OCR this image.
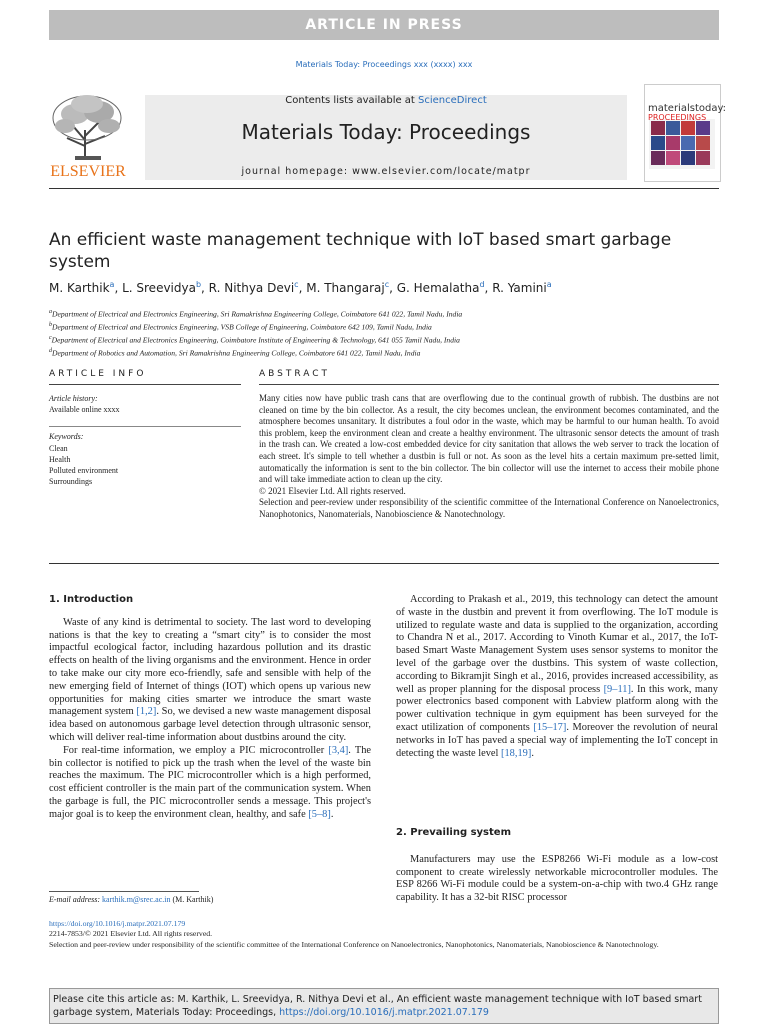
ARTICLE IN PRESS
Materials Today: Proceedings xxx (xxxx) xxx
ELSEVIER
Contents lists available at ScienceDirect
Materials Today: Proceedings
journal homepage: www.elsevier.com/locate/matpr
materialstoday:
PROCEEDINGS
An efficient waste management technique with IoT based smart garbage system
M. Karthik$^a$, L. Sreevidya$^b$, R. Nithya Devi$^c$, M. Thangaraj$^c$, G. Hemalatha$^d$, R. Yamini$^a$
$^a$Department of Electrical and Electronics Engineering, Sri Ramakrishna Engineering College, Coimbatore 641 022, Tamil Nadu, India
$^b$Department of Electrical and Electronics Engineering, VSB College of Engineering, Coimbatore 642 109, Tamil Nadu, India
$^c$Department of Electrical and Electronics Engineering, Coimbatore Institute of Engineering & Technology, 641 055 Tamil Nadu, India
$^d$Department of Robotics and Automation, Sri Ramakrishna Engineering College, Coimbatore 641 022, Tamil Nadu, India
ARTICLE INFO	ABSTRACT
Article history:
Available online xxxx
Keywords:
Clean
Health
Polluted environment
Surroundings

Many cities now have public trash cans that are overflowing due to the continual growth of rubbish. The dustbins are not cleaned on time by the bin collector. As a result, the city becomes unclean, the environment becomes contaminated, and the atmosphere becomes unsanitary. It distributes a foul odor in the waste, which may be harmful to our human health. To avoid this problem, keep the environment clean and create a healthy environment. The ultrasonic sensor detects the amount of trash in the trash can. We created a low-cost embedded device for city sanitation that allows the web server to track the location of each street. It's simple to tell whether a dustbin is full or not. As soon as the level hits a certain maximum pre-setted limit, automatically the information is sent to the bin collector. The bin collector will use the internet to access their mobile phone and will take immediate action to clean up the city.

© 2021 Elsevier Ltd. All rights reserved.

Selection and peer-review under responsibility of the scientific committee of the International Conference on Nanoelectronics, Nanophotonics, Nanomaterials, Nanobioscience & Nanotechnology.

1. Introduction

Waste of any kind is detrimental to society. The last word to developing nations is that the key to creating a “smart city” is to consider the most impactful ecological factor, including hazardous pollution and its drastic effects on health of the living organisms and the environment. Hence in order to take make our city more eco-friendly, safe and sensible with help of the new emerging field of Internet of things (IOT) which opens up various new opportunities for making cities smarter we introduce the smart waste management system [1,2]. So, we devised a new waste management disposal idea based on autonomous garbage level detection through ultrasonic sensor, which will deliver real-time information about dustbins around the city.

For real-time information, we employ a PIC microcontroller [3,4]. The bin collector is notified to pick up the trash when the level of the waste bin reaches the maximum. The PIC microcontroller which is a high performed, cost efficient controller is the main part of the communication system. When the garbage is full, the PIC microcontroller sends a message. This project's major goal is to keep the environment clean, healthy, and safe [5–8].

According to Prakash et al., 2019, this technology can detect the amount of waste in the dustbin and prevent it from overflowing. The IoT module is utilized to regulate waste and data is supplied to the organization, according to Chandra N et al., 2017. According to Vinoth Kumar et al., 2017, the IoT-based Smart Waste Management System uses sensor systems to monitor the level of the garbage over the dustbins. This system of waste collection, according to Bikramjit Singh et al., 2016, provides increased accessibility, as well as proper planning for the disposal process [9–11]. In this work, many power electronics based component with Labview platform along with the power cultivation technique in gym equipment has been surveyed for the exact utilization of components [15–17]. Moreover the revolution of neural networks in IoT has paved a special way of implementing the IoT concept in detecting the waste level [18,19].

2. Prevailing system

Manufacturers may use the ESP8266 Wi-Fi module as a low-cost component to create wirelessly networkable microcontroller modules. The ESP 8266 Wi-Fi module could be a system-on-a-chip with two.4 GHz range capability. It has a 32-bit RISC processor

E-mail address: karthik.m@srec.ac.in (M. Karthik)
https://doi.org/10.1016/j.matpr.2021.07.179
2214-7853/© 2021 Elsevier Ltd. All rights reserved.
Selection and peer-review under responsibility of the scientific committee of the International Conference on Nanoelectronics, Nanophotonics, Nanomaterials, Nanobioscience & Nanotechnology.
Please cite this article as: M. Karthik, L. Sreevidya, R. Nithya Devi et al., An efficient waste management technique with IoT based smart garbage system, Materials Today: Proceedings, https://doi.org/10.1016/j.matpr.2021.07.179
